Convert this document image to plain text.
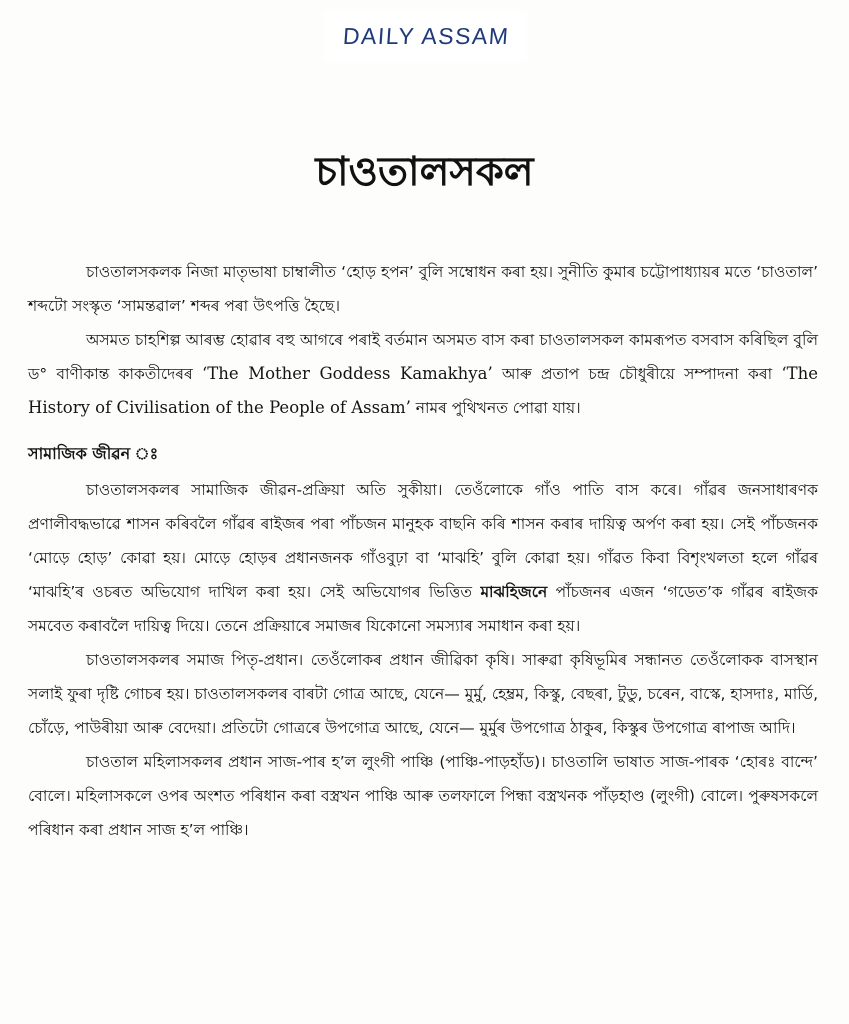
DAILY ASSAM
চাওতালসকল

চাওতালসকলক নিজা মাতৃভাষা চাম্বালীত ‘হোড় হপন’ বুলি সম্বোধন কৰা হয়। সুনীতি কুমাৰ চট্টোপাধ্যায়ৰ মতে ‘চাওতাল’ শব্দটো সংস্কৃত ‘সামন্তৱাল’ শব্দৰ পৰা উৎপত্তি হৈছে।

অসমত চাহশিল্প আৰম্ভ হোৱাৰ বহু আগৰে পৰাই বৰ্তমান অসমত বাস কৰা চাওতালসকল কামৰূপত বসবাস কৰিছিল বুলি ড° বাণীকান্ত কাকতীদেৰৰ ‘The Mother Goddess Kamakhya’ আৰু প্ৰতাপ চন্দ্ৰ চৌধুৰীয়ে সম্পাদনা কৰা ‘The History of Civilisation of the People of Assam’ নামৰ পুথিখনত পোৱা যায়।

সামাজিক জীৱন ঃ

চাওতালসকলৰ সামাজিক জীৱন-প্ৰক্ৰিয়া অতি সুকীয়া। তেওঁলোকে গাঁও পাতি বাস কৰে। গাঁৱৰ জনসাধাৰণক প্ৰণালীবদ্ধভাৱে শাসন কৰিবলৈ গাঁৱৰ ৰাইজৰ পৰা পাঁচজন মানুহক বাছনি কৰি শাসন কৰাৰ দায়িত্ব অৰ্পণ কৰা হয়। সেই পাঁচজনক ‘মোড়ে হোড়’ কোৱা হয়। মোড়ে হোড়ৰ প্ৰধানজনক গাঁওবুঢ়া বা ‘মাঝহি’ বুলি কোৱা হয়। গাঁৱত কিবা বিশৃংখলতা হলে গাঁৱৰ ‘মাঝহি’ৰ ওচৰত অভিযোগ দাখিল কৰা হয়। সেই অভিযোগৰ ভিত্তিত মাঝহিজনে পাঁচজনৰ এজন ‘গডেত’ক গাঁৱৰ ৰাইজক সমবেত কৰাবলৈ দায়িত্ব দিয়ে। তেনে প্ৰক্ৰিয়াৰে সমাজৰ যিকোনো সমস্যাৰ সমাধান কৰা হয়।

চাওতালসকলৰ সমাজ পিতৃ-প্ৰধান। তেওঁলোকৰ প্ৰধান জীৱিকা কৃষি। সাৰুৱা কৃষিভূমিৰ সন্ধানত তেওঁলোকক বাসস্থান সলাই ফুৰা দৃষ্টি গোচৰ হয়। চাওতালসকলৰ বাৰটা গোত্ৰ আছে, যেনে— মুৰ্মু, হেম্ব্ৰম, কিস্কু, বেছৰা, টুডু, চৰেন, বাস্কে, হাসদাঃ, মাৰ্ডি, চোঁড়ে, পাউৰীয়া আৰু বেদেয়া। প্ৰতিটো গোত্ৰৰে উপগোত্ৰ আছে, যেনে— মুৰ্মুৰ উপগোত্ৰ ঠাকুৰ, কিস্কুৰ উপগোত্ৰ ৰাপাজ আদি।

চাওতাল মহিলাসকলৰ প্ৰধান সাজ-পাৰ হ’ল লুংগী পাঞ্চি (পাঞ্চি-পাড়হাঁড)। চাওতালি ভাষাত সাজ-পাৰক ‘হোৰঃ বান্দে’ বোলে। মহিলাসকলে ওপৰ অংশত পৰিধান কৰা বস্ত্ৰখন পাঞ্চি আৰু তলফালে পিন্ধা বস্ত্ৰখনক পাঁড়হাণ্ড (লুংগী) বোলে। পুৰুষসকলে পৰিধান কৰা প্ৰধান সাজ হ’ল পাঞ্চি।
